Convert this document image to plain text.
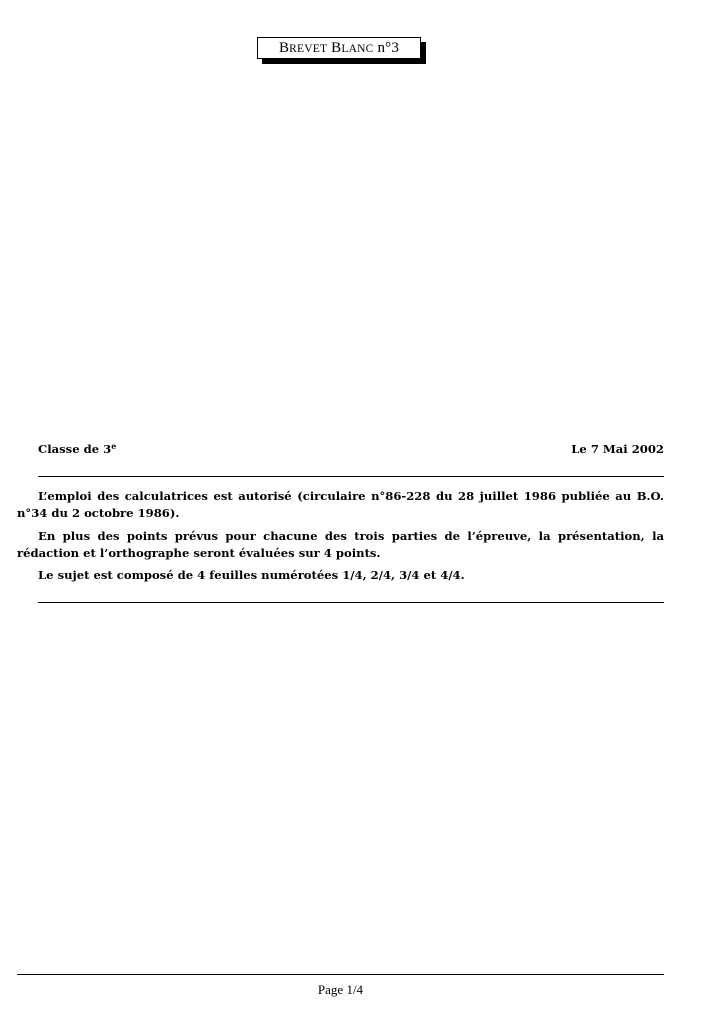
BREVET BLANC n°3
Classe de 3e	Le 7 Mai 2002
L’emploi des calculatrices est autorisé (circulaire n°86-228 du 28 juillet 1986 publiée au B.O. n°34 du 2 octobre 1986).
En plus des points prévus pour chacune des trois parties de l’épreuve, la présentation, la rédaction et l’orthographe seront évaluées sur 4 points.
Le sujet est composé de 4 feuilles numérotées 1/4, 2/4, 3/4 et 4/4.
Page 1/4
